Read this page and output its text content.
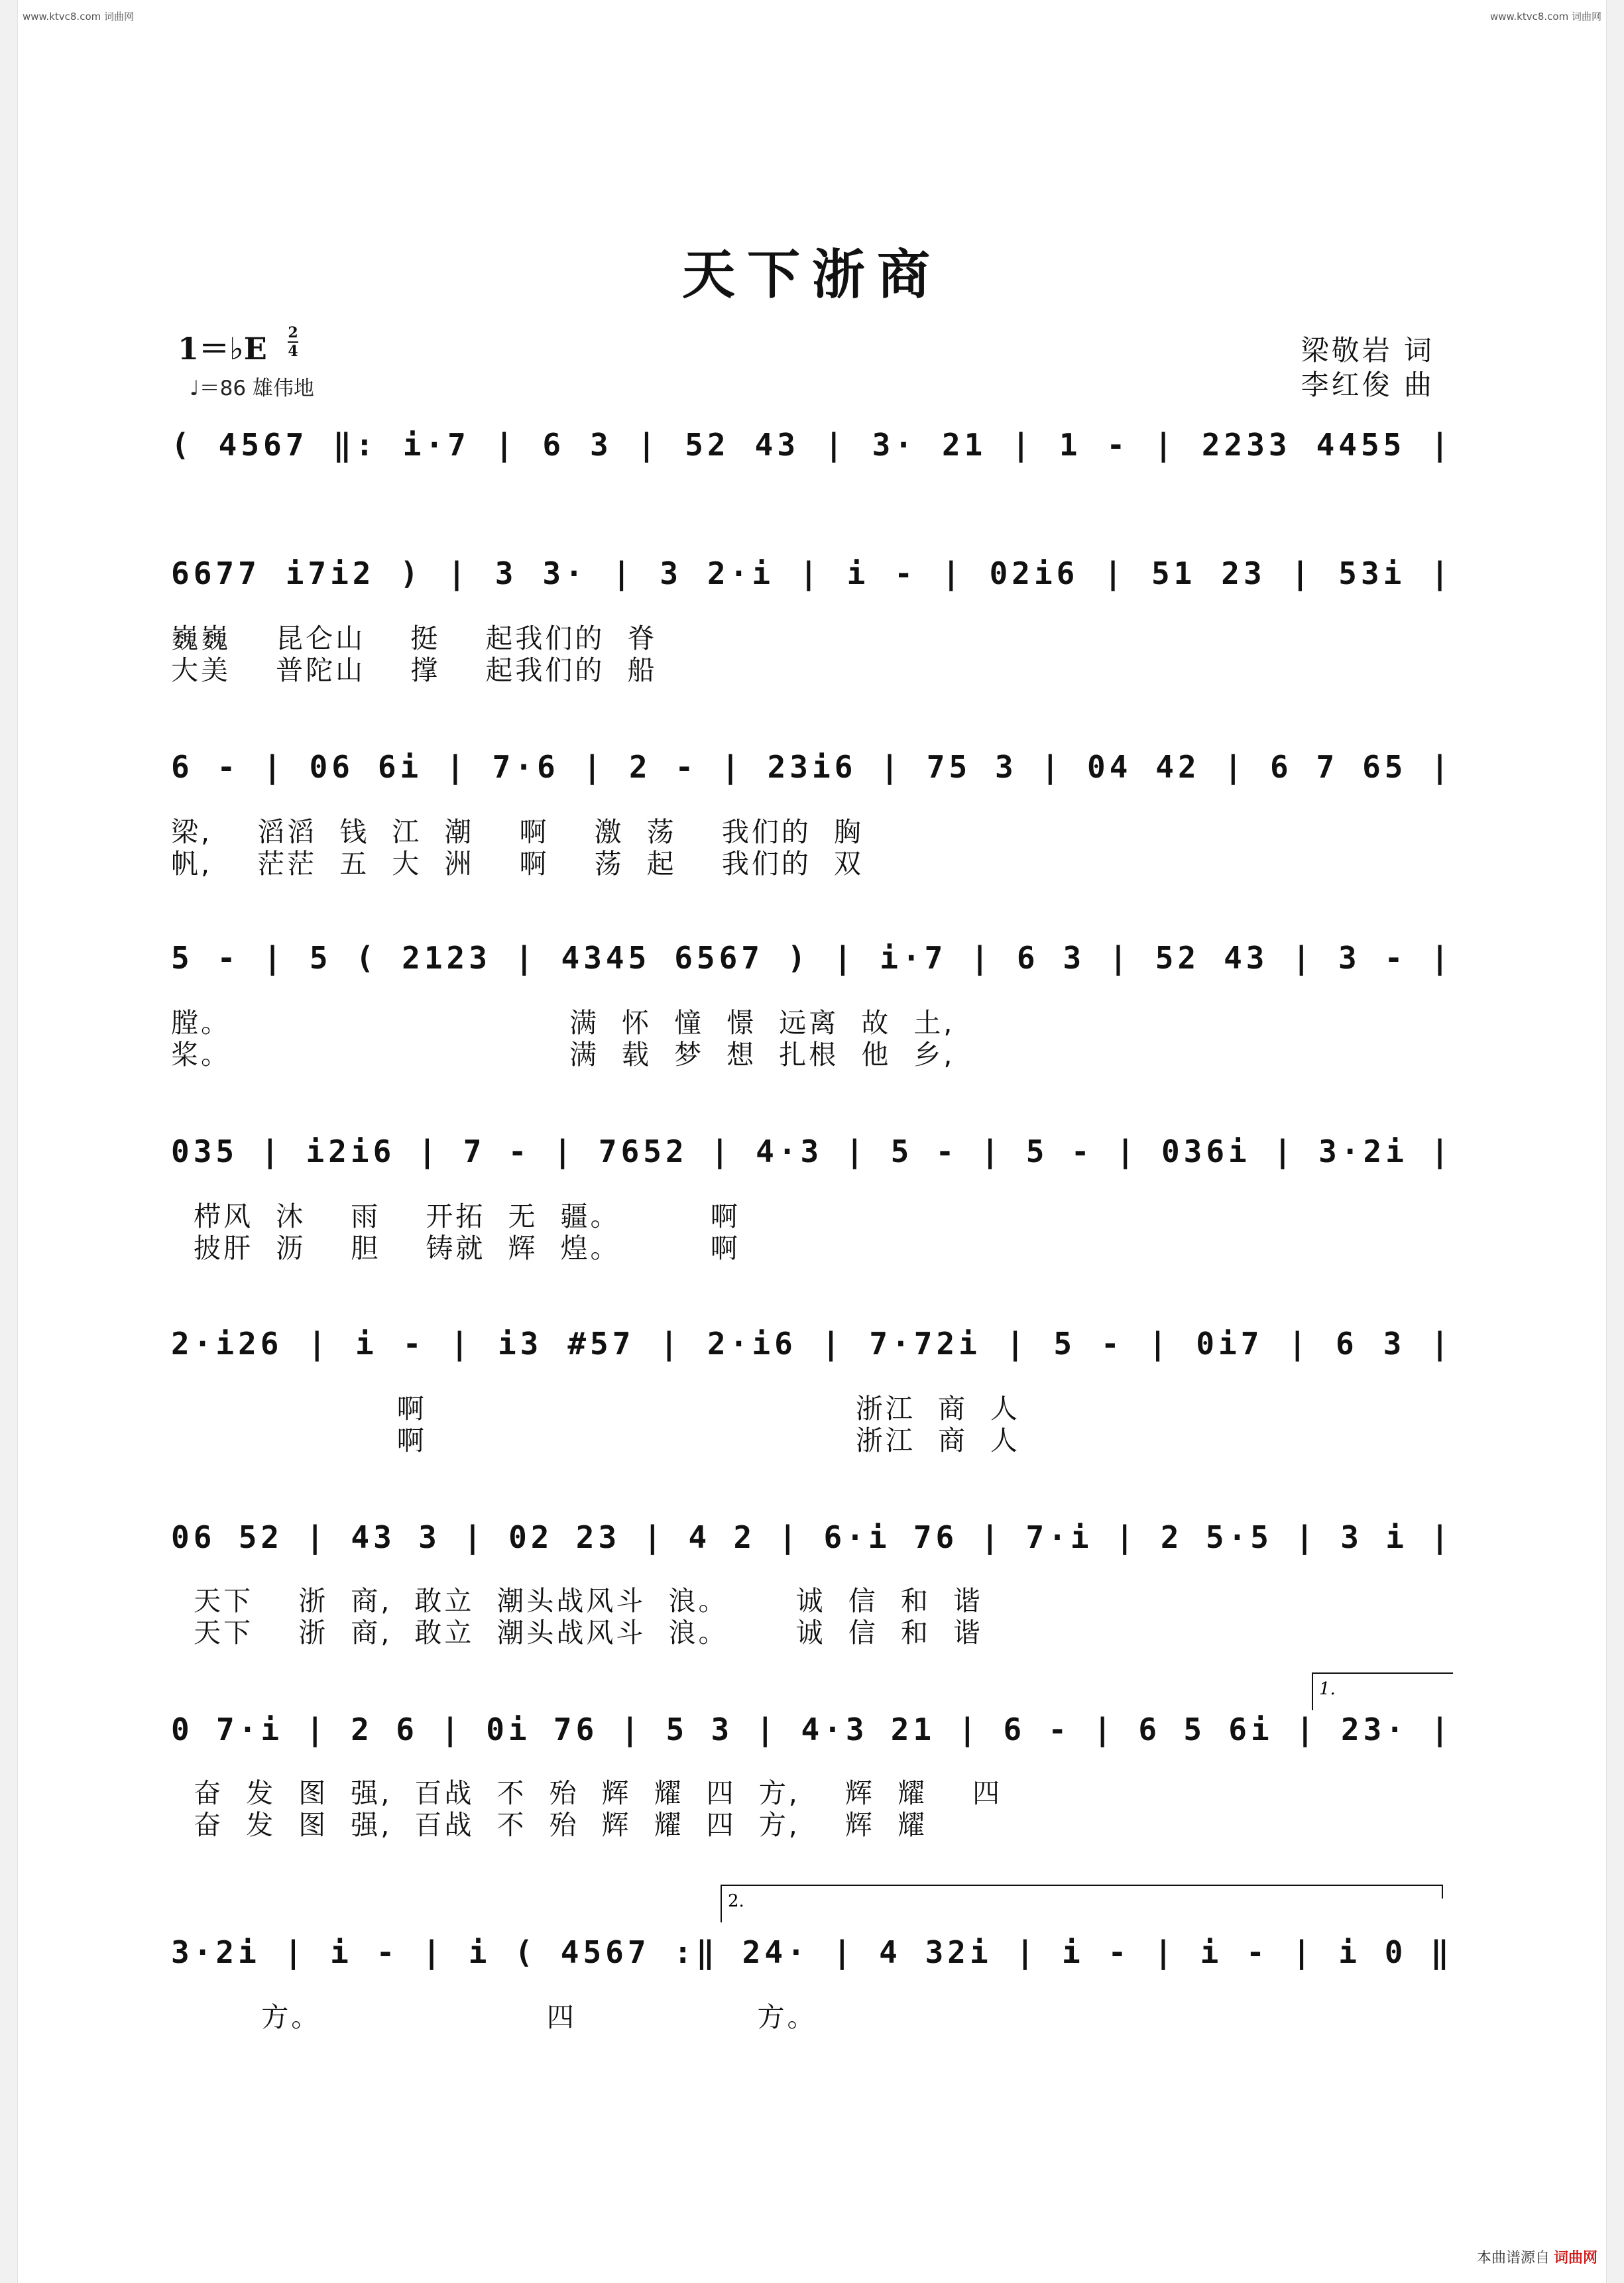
www.ktvc8.com 词曲网	www.ktvc8.com 词曲网
天下浙商
1＝♭E 2
4
♩＝86 雄伟地
梁敬岩 词
李红俊 曲
( 4567 ‖: i·7 | 6 3 | 52 43 | 3· 21 | 1 - | 2233 4455 |
6677 i7i2 ) | 3 3· | 3 2·i | i - | 02i6 | 51 23 | 53i |
巍巍    昆仑山    挺    起我们的  脊
大美    普陀山    撑    起我们的  船
6 - | 06 6i | 7·6 | 2 - | 23i6 | 75 3 | 04 42 | 6 7 65 |
梁,    滔滔  钱  江  潮    啊    激  荡    我们的  胸
帆,    茫茫  五  大  洲    啊    荡  起    我们的  双
5 - | 5 ( 2123 | 4345 6567 ) | i·7 | 6 3 | 52 43 | 3 - |
膛。                              满  怀  憧  憬  远离  故  土,
桨。                              满  载  梦  想  扎根  他  乡,
035 | i2i6 | 7 - | 7652 | 4·3 | 5 - | 5 - | 036i | 3·2i |
栉风  沐    雨    开拓  无  疆。        啊
披肝  沥    胆    铸就  辉  煌。        啊
2·i26 | i - | i3 #57 | 2·i6 | 7·72i | 5 - | 0i7 | 6 3 |
啊                                      浙江  商  人
啊                                      浙江  商  人
06 52 | 43 3 | 02 23 | 4 2 | 6·i 76 | 7·i | 2 5·5 | 3 i |
天下    浙  商,  敢立  潮头战风斗  浪。      诚  信  和  谐
天下    浙  商,  敢立  潮头战风斗  浪。      诚  信  和  谐
0 7·i | 2 6 | 0i 76 | 5 3 | 4·3 21 | 6 - | 6 5 6i | 23· |
奋  发  图  强,  百战  不  殆  辉  耀  四  方,    辉  耀    四
奋  发  图  强,  百战  不  殆  辉  耀  四  方,    辉  耀
1.
3·2i | i - | i ( 4567 :‖ 24· | 4 32i | i - | i - | i 0 ‖
2.
方。                    四                方。
本曲谱源自 词曲网
